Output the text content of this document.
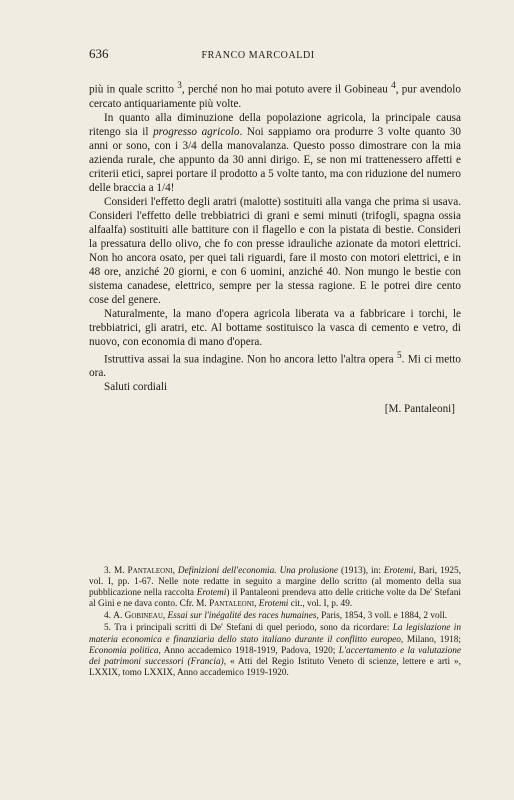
636	FRANCO MARCOALDI

più in quale scritto $^3$, perché non ho mai potuto avere il Gobineau $^4$, pur avendolo cercato antiquariamente più volte.

In quanto alla diminuzione della popolazione agricola, la principale causa ritengo sia il progresso agricolo. Noi sappiamo ora produrre 3 volte quanto 30 anni or sono, con i 3/4 della manovalanza. Questo posso dimostrare con la mia azienda rurale, che appunto da 30 anni dirigo. E, se non mi trattenessero affetti e criterii etici, saprei portare il prodotto a 5 volte tanto, ma con riduzione del numero delle braccia a 1/4!

Consideri l'effetto degli aratri (malotte) sostituiti alla vanga che prima si usava. Consideri l'effetto delle trebbiatrici di grani e semi minuti (trifogli, spagna ossia alfaalfa) sostituiti alle battiture con il flagello e con la pistata di bestie. Consideri la pressatura dello olivo, che fo con presse idrauliche azionate da motori elettrici. Non ho ancora osato, per quei tali riguardi, fare il mosto con motori elettrici, e in 48 ore, anziché 20 giorni, e con 6 uomini, anziché 40. Non mungo le bestie con sistema canadese, elettrico, sempre per la stessa ragione. E le potrei dire cento cose del genere.

Naturalmente, la mano d'opera agricola liberata va a fabbricare i torchi, le trebbiatrici, gli aratri, etc. Al bottame sostituisco la vasca di cemento e vetro, di nuovo, con economia di mano d'opera.

Istruttiva assai la sua indagine. Non ho ancora letto l'altra opera $^5$. Mi ci metto ora.

Saluti cordiali

[M. Pantaleoni]

3. M. Pantaleoni, Definizioni dell'economia. Una prolusione (1913), in: Erotemi, Bari, 1925, vol. I, pp. 1-67. Nelle note redatte in seguito a margine dello scritto (al momento della sua pubblicazione nella raccolta Erotemi) il Pantaleoni prendeva atto delle critiche volte da De' Stefani al Gini e ne dava conto. Cfr. M. Pantaleoni, Erotemi cit., vol. I, p. 49.

4. A. Gobineau, Essai sur l'inégalité des races humaines, Paris, 1854, 3 voll. e 1884, 2 voll.

5. Tra i principali scritti di De' Stefani di quel periodo, sono da ricordare: La legislazione in materia economica e finanziaria dello stato italiano durante il conflitto europeo, Milano, 1918; Economia politica, Anno accademico 1918-1919, Padova, 1920; L'accertamento e la valutazione dei patrimoni successori (Francia), « Atti del Regio Istituto Veneto di scienze, lettere e arti », LXXIX, tomo LXXIX, Anno accademico 1919-1920.
